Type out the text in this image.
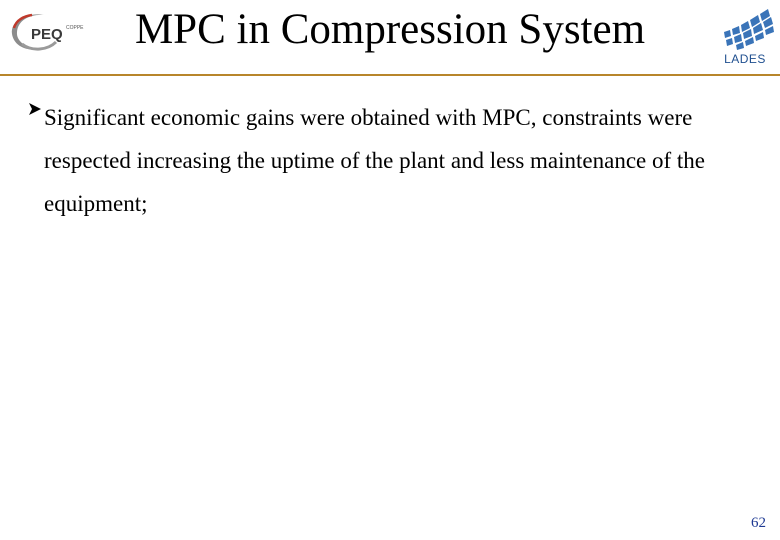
PEQ COPPE	MPC in Compression System
LADES

Significant economic gains were obtained with MPC, constraints were respected increasing the uptime of the plant and less maintenance of the equipment;

62
